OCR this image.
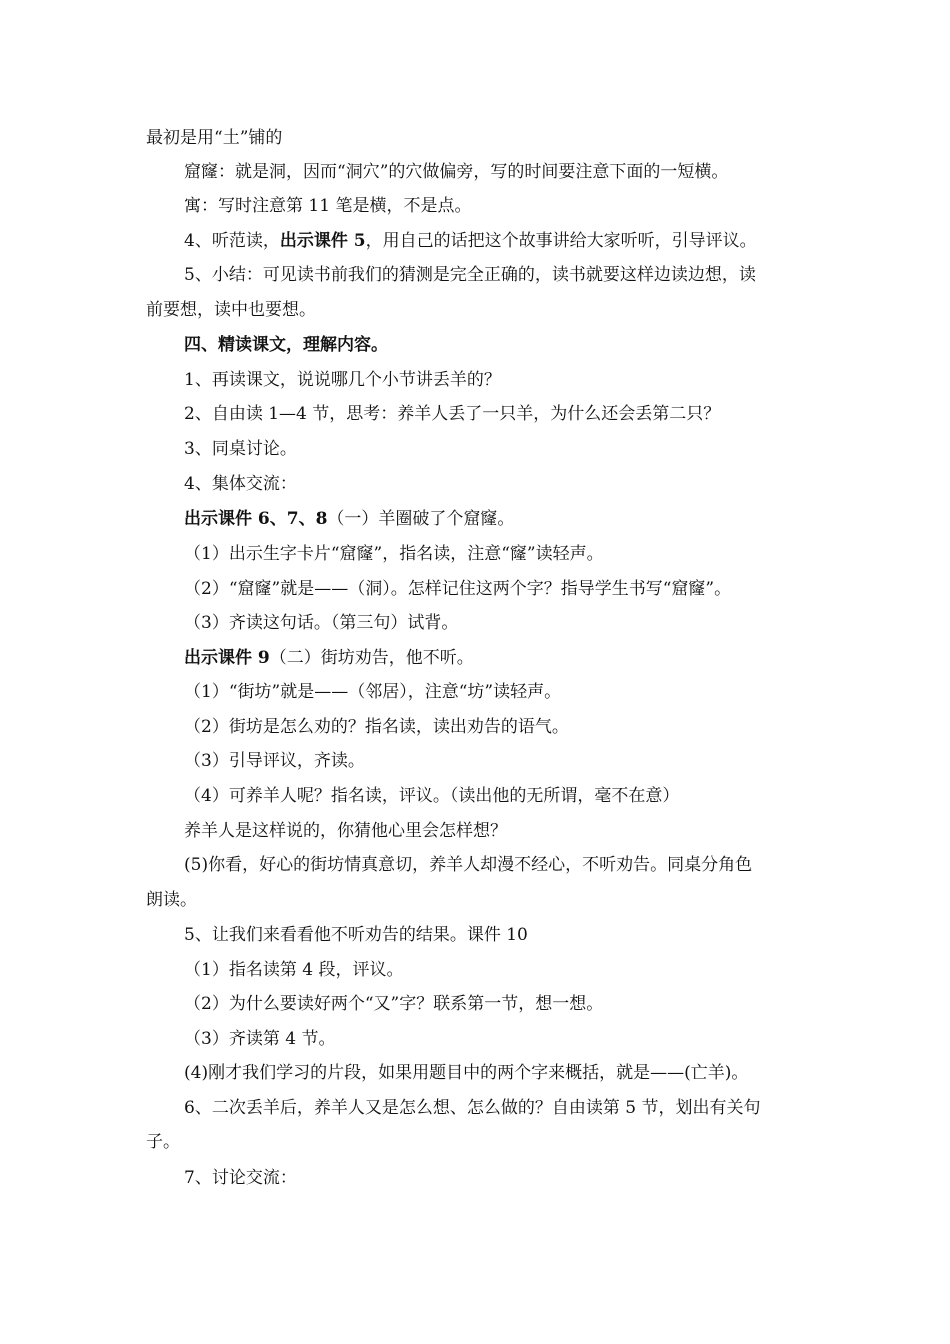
最初是用“土”铺的
窟窿：就是洞，因而“洞穴”的穴做偏旁，写的时间要注意下面的一短横。
寓：写时注意第 11 笔是横，不是点。
4、听范读，出示课件 5，用自己的话把这个故事讲给大家听听，引导评议。
5、小结：可见读书前我们的猜测是完全正确的，读书就要这样边读边想，读
前要想，读中也要想。
四、精读课文，理解内容。
1、再读课文，说说哪几个小节讲丢羊的？
2、自由读 1—4 节，思考：养羊人丢了一只羊，为什么还会丢第二只？
3、同桌讨论。
4、集体交流：
出示课件 6、7、8（一）羊圈破了个窟窿。
（1）出示生字卡片“窟窿”，指名读，注意“窿”读轻声。
（2）“窟窿”就是——（洞）。怎样记住这两个字？指导学生书写“窟窿”。
（3）齐读这句话。（第三句）试背。
出示课件 9（二）街坊劝告，他不听。
（1）“街坊”就是——（邻居），注意“坊”读轻声。
（2）街坊是怎么劝的？指名读，读出劝告的语气。
（3）引导评议，齐读。
（4）可养羊人呢？指名读，评议。（读出他的无所谓，毫不在意）
养羊人是这样说的，你猜他心里会怎样想？
(5)你看，好心的街坊情真意切，养羊人却漫不经心，不听劝告。同桌分角色
朗读。
5、让我们来看看他不听劝告的结果。课件 10
（1）指名读第 4 段，评议。
（2）为什么要读好两个“又”字？联系第一节，想一想。
（3）齐读第 4 节。
(4)刚才我们学习的片段，如果用题目中的两个字来概括，就是——(亡羊)。
6、二次丢羊后，养羊人又是怎么想、怎么做的？自由读第 5 节，划出有关句
子。
7、讨论交流：
